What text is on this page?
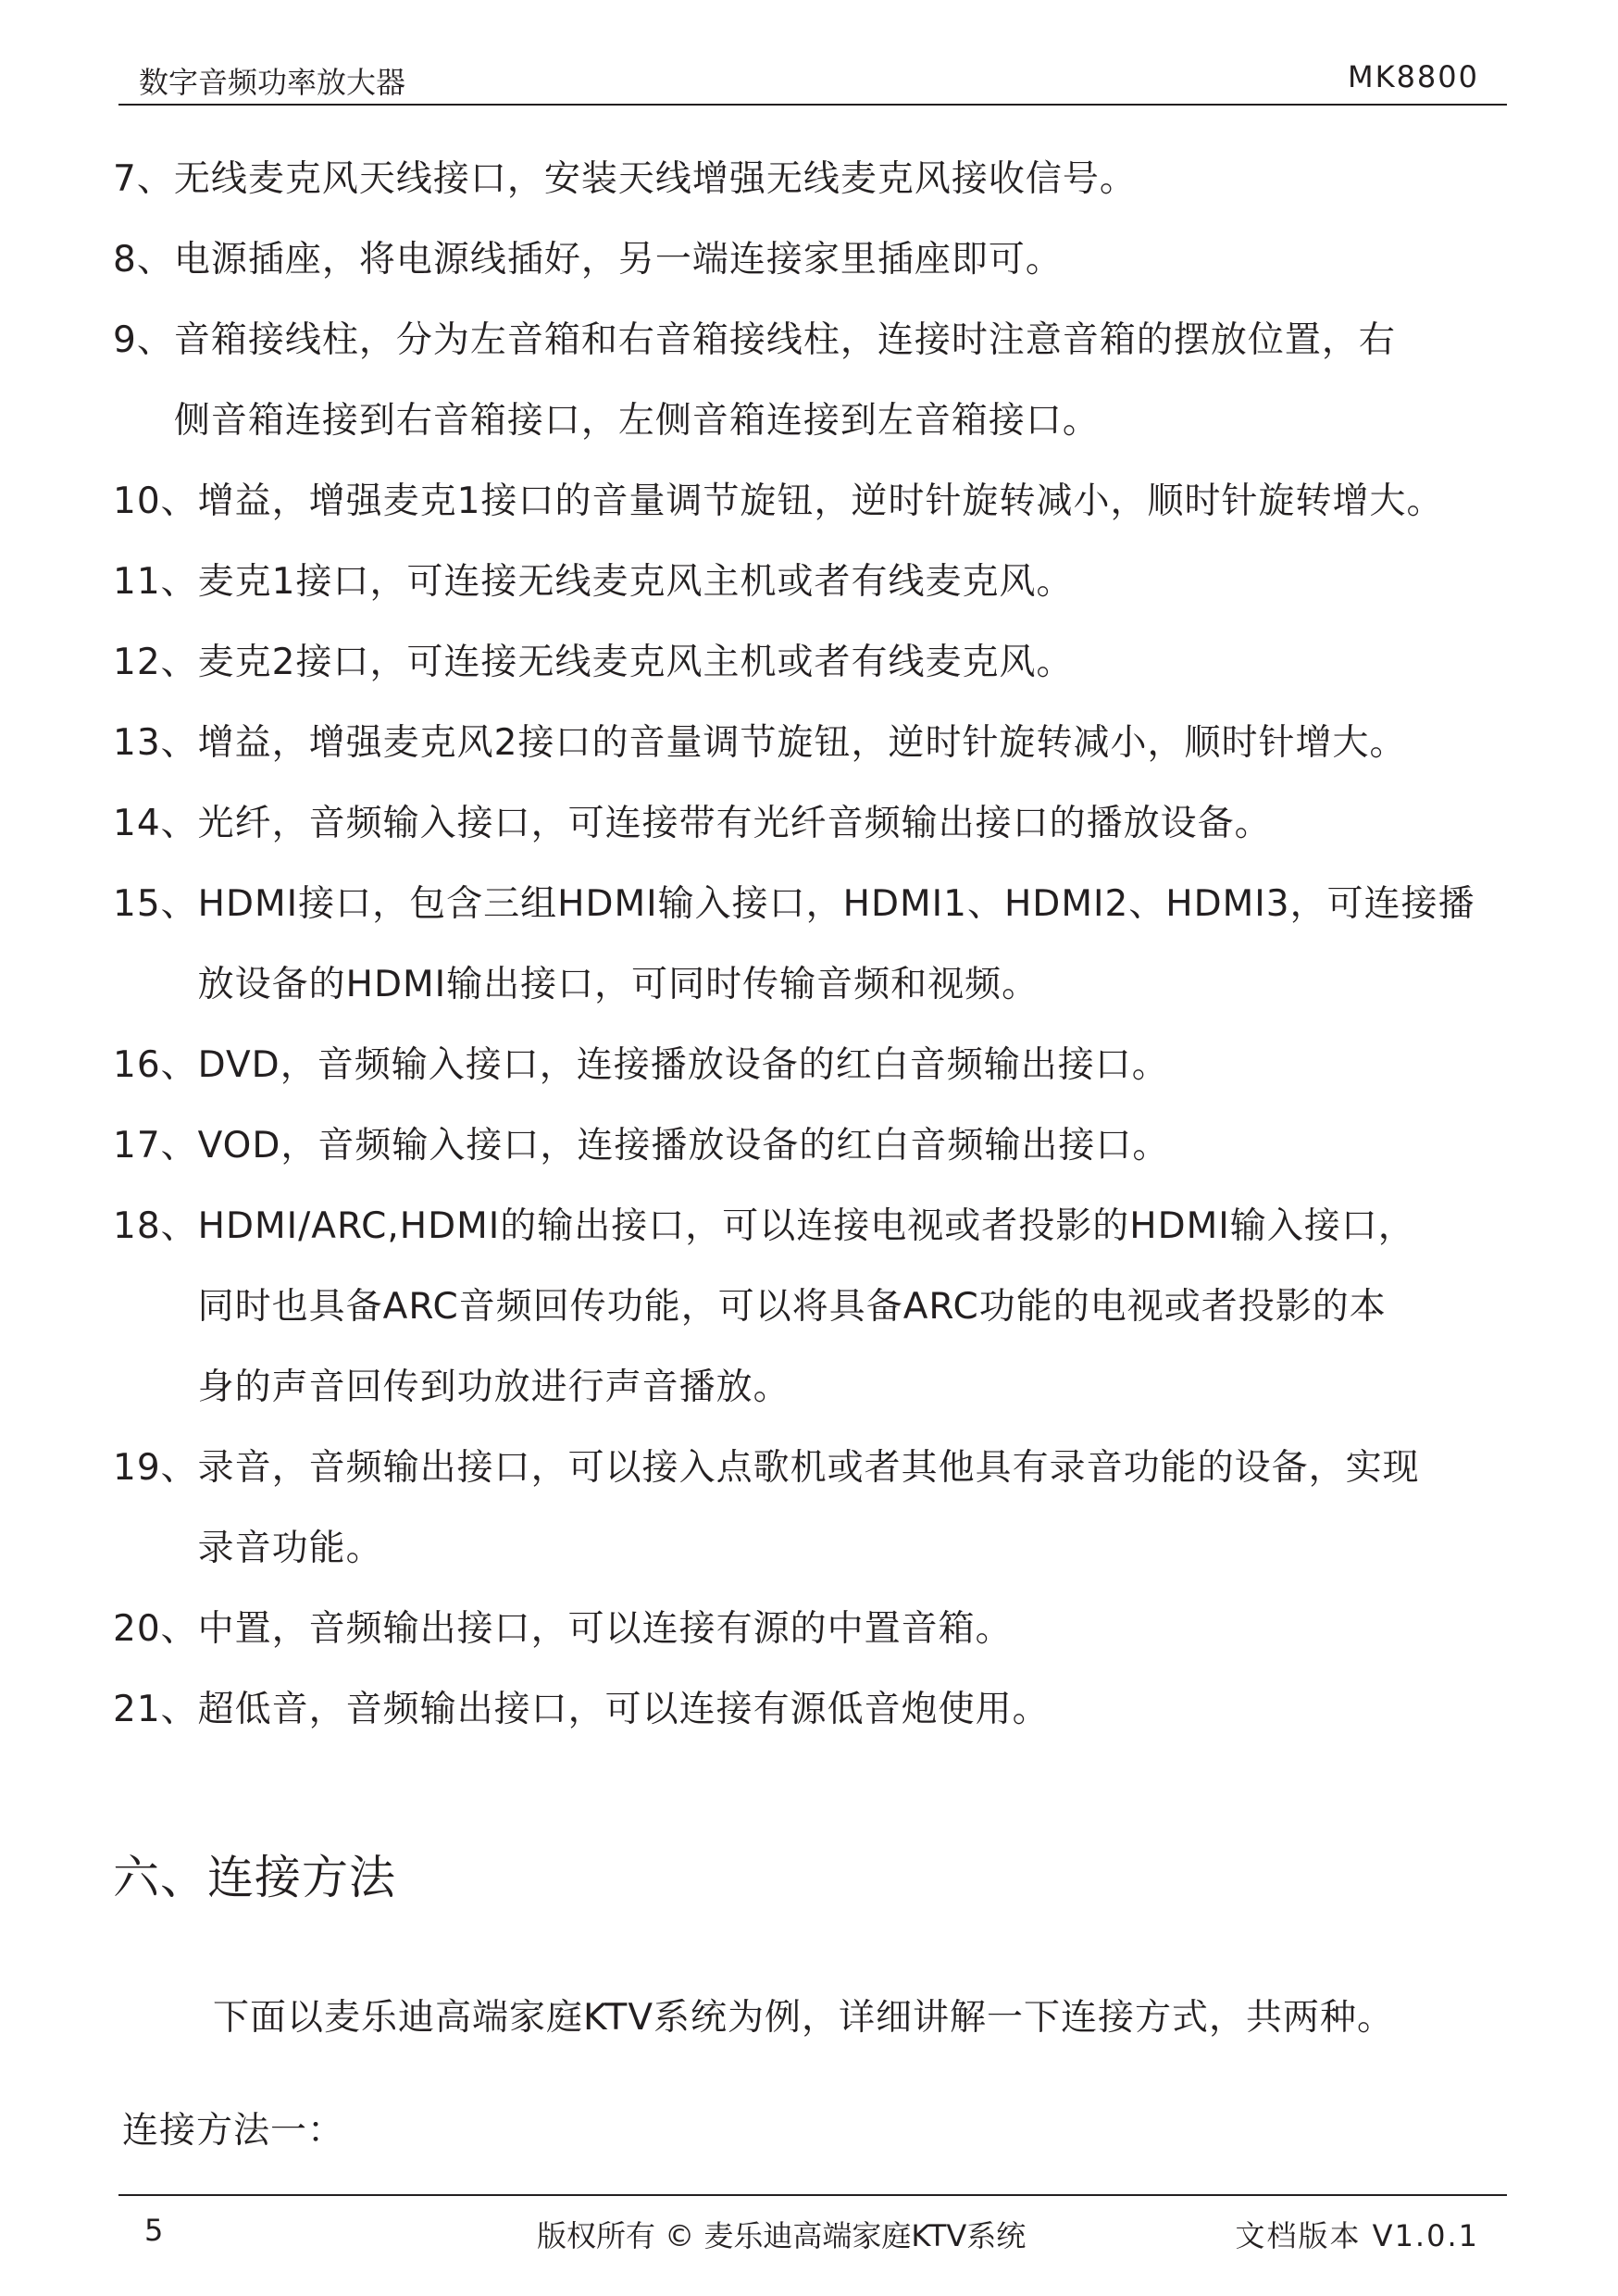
数字音频功率放大器	MK8800
7、 无线麦克风天线接口，安装天线增强无线麦克风接收信号。
8、 电源插座，将电源线插好，另一端连接家里插座即可。
9、 音箱接线柱，分为左音箱和右音箱接线柱，连接时注意音箱的摆放位置，右
侧音箱连接到右音箱接口，左侧音箱连接到左音箱接口。
10、 增益，增强麦克1接口的音量调节旋钮，逆时针旋转减小，顺时针旋转增大。
11、 麦克1接口，可连接无线麦克风主机或者有线麦克风。
12、 麦克2接口，可连接无线麦克风主机或者有线麦克风。
13、 增益，增强麦克风2接口的音量调节旋钮，逆时针旋转减小，顺时针增大。
14、 光纤，音频输入接口，可连接带有光纤音频输出接口的播放设备。
15、 HDMI接口，包含三组HDMI输入接口，HDMI1、HDMI2、HDMI3，可连接播
放设备的HDMI输出接口，可同时传输音频和视频。
16、 DVD，音频输入接口，连接播放设备的红白音频输出接口。
17、 VOD，音频输入接口，连接播放设备的红白音频输出接口。
18、 HDMI/ARC,HDMI的输出接口，可以连接电视或者投影的HDMI输入接口，
同时也具备ARC音频回传功能，可以将具备ARC功能的电视或者投影的本
身的声音回传到功放进行声音播放。
19、 录音，音频输出接口，可以接入点歌机或者其他具有录音功能的设备，实现
录音功能。
20、 中置，音频输出接口，可以连接有源的中置音箱。
21、 超低音，音频输出接口，可以连接有源低音炮使用。
六、连接方法
下面以麦乐迪高端家庭KTV系统为例，详细讲解一下连接方式，共两种。
连接方法一：
5	版权所有 © 麦乐迪高端家庭KTV系统	文档版本 V1.0.1
